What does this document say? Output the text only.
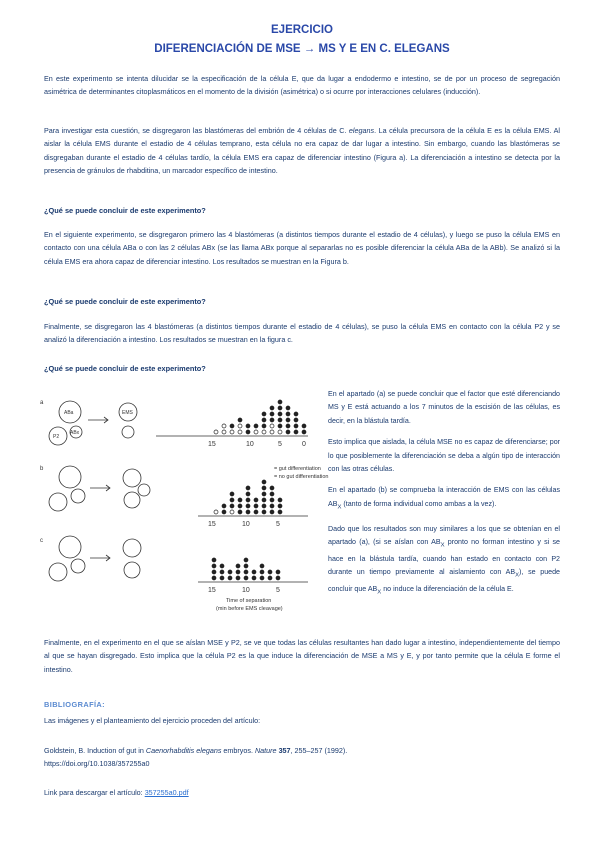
EJERCICIO
DIFERENCIACIÓN DE MSE → MS Y E EN C. ELEGANS

En este experimento se intenta dilucidar se la especificación de la célula E, que da lugar a endodermo e intestino, se de por un proceso de segregación asimétrica de determinantes citoplasmáticos en el momento de la división (asimétrica) o si ocurre por interacciones celulares (inducción).

Para investigar esta cuestión, se disgregaron las blastómeras del embrión de 4 células de C. elegans. La célula precursora de la célula E es la célula EMS. Al aislar la célula EMS durante el estadio de 4 células temprano, esta célula no era capaz de dar lugar a intestino. Sin embargo, cuando las blastómeras se disgregaban durante el estadio de 4 células tardío, la célula EMS era capaz de diferenciar intestino (Figura a). La diferenciación a intestino se detecta por la presencia de gránulos de rhabditina, un marcador específico de intestino.

¿Qué se puede concluir de este experimento?

En el siguiente experimento, se disgregaron primero las 4 blastómeras (a distintos tiempos durante el estadio de 4 células), y luego se puso la célula EMS en contacto con una célula ABa o con las 2 células ABx (se las llama ABx porque al separarlas no es posible diferenciar la célula ABa de la ABb). Se analizó si la célula EMS era ahora capaz de diferenciar intestino. Los resultados se muestran en la Figura b.

¿Qué se puede concluir de este experimento?

Finalmente, se disgregaron las 4 blastómeras (a distintos tiempos durante el estadio de 4 células), se puso la célula EMS en contacto con la célula P2 y se analizó la diferenciación a intestino. Los resultados se muestran en la figura c.

¿Qué se puede concluir de este experimento?

a
b
c
ABa
P2
ABx
EMS
15	10	5	0
15	10	5
15	10	5
= gut differentiation
= no gut differentiation
Time of separation
(min before EMS cleavage)

En el apartado (a) se puede concluir que el factor que esté diferenciando MS y E está actuando a los 7 minutos de la escisión de las células, es decir, en la blástula tardía.

Esto implica que aislada, la célula MSE no es capaz de diferenciarse; por lo que posiblemente la diferenciación se deba a algún tipo de interacción con las otras células.

En el apartado (b) se comprueba la interacción de EMS con las células $AB_X$ (tanto de forma individual como ambas a la vez).

Dado que los resultados son muy similares a los que se obtenían en el apartado (a), (si se aíslan con $AB_X$ pronto no forman intestino y si se hace en la blástula tardía, cuando han estado en contacto con P2 durante un tiempo previamente al aislamiento con $AB_X$), se puede concluir que $AB_X$ no induce la diferenciación de la célula E.

Finalmente, en el experimento en el que se aíslan MSE y P2, se ve que todas las células resultantes han dado lugar a intestino, independientemente del tiempo al que se hayan disgregado. Esto implica que la célula P2 es la que induce la diferenciación de MSE a MS y E, y por tanto permite que la célula E forme el intestino.

BIBLIOGRAFÍA:

Las imágenes y el planteamiento del ejercicio proceden del artículo:

Goldstein, B. Induction of gut in Caenorhabditis elegans embryos. Nature 357, 255–257 (1992).
https://doi.org/10.1038/357255a0

Link para descargar el artículo: 357255a0.pdf
